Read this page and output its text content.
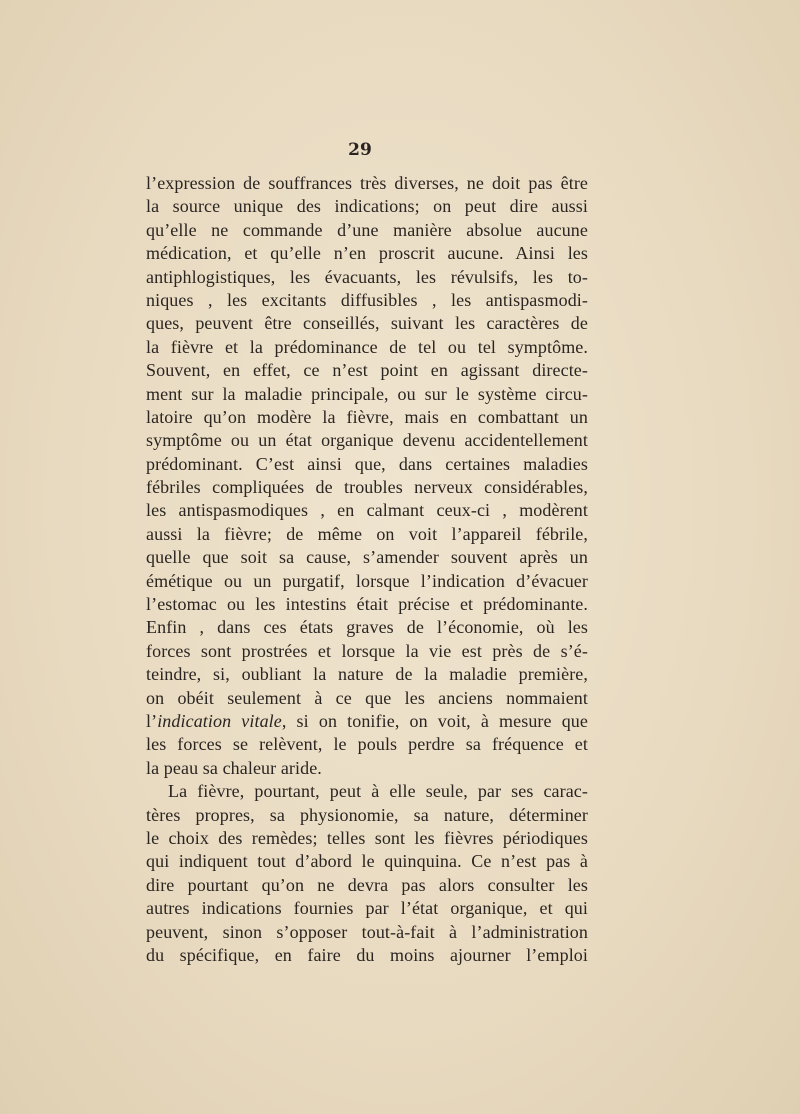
29
l’expression de souffrances très diverses, ne doit pas être
la source unique des indications; on peut dire aussi
qu’elle ne commande d’une manière absolue aucune
médication, et qu’elle n’en proscrit aucune. Ainsi les
antiphlogistiques, les évacuants, les révulsifs, les to-
niques , les excitants diffusibles , les antispasmodi-
ques, peuvent être conseillés, suivant les caractères de
la fièvre et la prédominance de tel ou tel symptôme.
Souvent, en effet, ce n’est point en agissant directe-
ment sur la maladie principale, ou sur le système circu-
latoire qu’on modère la fièvre, mais en combattant un
symptôme ou un état organique devenu accidentellement
prédominant. C’est ainsi que, dans certaines maladies
fébriles compliquées de troubles nerveux considérables,
les antispasmodiques , en calmant ceux-ci , modèrent
aussi la fièvre; de même on voit l’appareil fébrile,
quelle que soit sa cause, s’amender souvent après un
émétique ou un purgatif, lorsque l’indication d’évacuer
l’estomac ou les intestins était précise et prédominante.
Enfin , dans ces états graves de l’économie, où les
forces sont prostrées et lorsque la vie est près de s’é-
teindre, si, oubliant la nature de la maladie première,
on obéit seulement à ce que les anciens nommaient
l’indication vitale, si on tonifie, on voit, à mesure que
les forces se relèvent, le pouls perdre sa fréquence et
la peau sa chaleur aride.
La fièvre, pourtant, peut à elle seule, par ses carac-
tères propres, sa physionomie, sa nature, déterminer
le choix des remèdes; telles sont les fièvres périodiques
qui indiquent tout d’abord le quinquina. Ce n’est pas à
dire pourtant qu’on ne devra pas alors consulter les
autres indications fournies par l’état organique, et qui
peuvent, sinon s’opposer tout-à-fait à l’administration
du spécifique, en faire du moins ajourner l’emploi
